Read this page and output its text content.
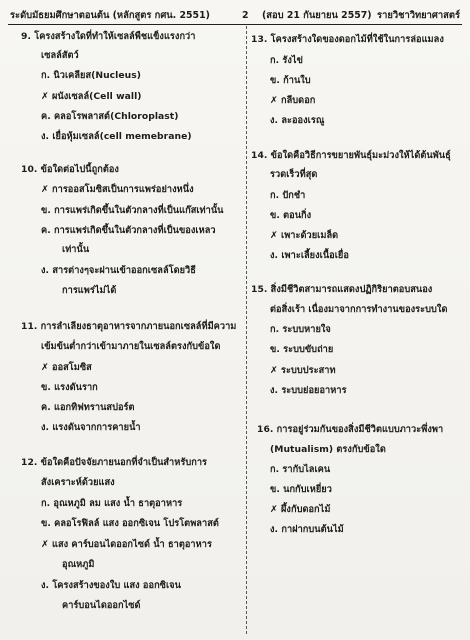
ระดับมัธยมศึกษาตอนต้น (หลักสูตร กศน. 2551)	2 (สอบ 21 กันยายน 2557) รายวิชาวิทยาศาสตร์
9. โครงสร้างใดที่ทำให้เซลล์พืชแข็งแรงกว่า
เซลล์สัตว์
ก. นิวเคลียส(Nucleus)
✗ ผนังเซลล์(Cell wall)
ค. คลอโรพลาสต์(Chloroplast)
ง. เยื่อหุ้มเซลล์(cell memebrane)
10. ข้อใดต่อไปนี้ถูกต้อง
✗ การออสโมซิสเป็นการแพร่อย่างหนึ่ง
ข. การแพร่เกิดขึ้นในตัวกลางที่เป็นแก๊สเท่านั้น
ค. การแพร่เกิดขึ้นในตัวกลางที่เป็นของเหลว
เท่านั้น
ง. สารต่างๆจะผ่านเข้าออกเซลล์โดยวิธี
การแพร่ไม่ได้
11. การลำเลียงธาตุอาหารจากภายนอกเซลล์ที่มีความ
เข้มข้นต่ำกว่าเข้ามาภายในเซลล์ตรงกับข้อใด
✗ ออสโมซิส
ข. แรงดันราก
ค. แอกทิฟทรานสปอร์ต
ง. แรงดันจากการคายน้ำ
12. ข้อใดคือปัจจัยภายนอกที่จำเป็นสำหรับการ
สังเคราะห์ด้วยแสง
ก. อุณหภูมิ ลม แสง น้ำ ธาตุอาหาร
ข. คลอโรฟิลล์ แสง ออกซิเจน โปรโตพลาสต์
✗ แสง คาร์บอนไดออกไซด์ น้ำ ธาตุอาหาร
อุณหภูมิ
ง. โครงสร้างของใบ แสง ออกซิเจน
คาร์บอนไดออกไซด์
13. โครงสร้างใดของดอกไม้ที่ใช้ในการล่อแมลง
ก. รังไข่
ข. ก้านใบ
✗ กลีบดอก
ง. ละอองเรณู
14. ข้อใดคือวิธีการขยายพันธุ์มะม่วงให้ได้ต้นพันธุ์
รวดเร็วที่สุด
ก. ปักชำ
ข. ตอนกิ่ง
✗ เพาะด้วยเมล็ด
ง. เพาะเลี้ยงเนื้อเยื่อ
15. สิ่งมีชีวิตสามารถแสดงปฏิกิริยาตอบสนอง
ต่อสิ่งเร้า เนื่องมาจากการทำงานของระบบใด
ก. ระบบหายใจ
ข. ระบบขับถ่าย
✗ ระบบประสาท
ง. ระบบย่อยอาหาร
16. การอยู่ร่วมกันของสิ่งมีชีวิตแบบภาวะพึ่งพา
(Mutualism) ตรงกับข้อใด
ก. รากับไลเคน
ข. นกกับเหยี่ยว
✗ ผึ้งกับดอกไม้
ง. กาฝากบนต้นไม้
